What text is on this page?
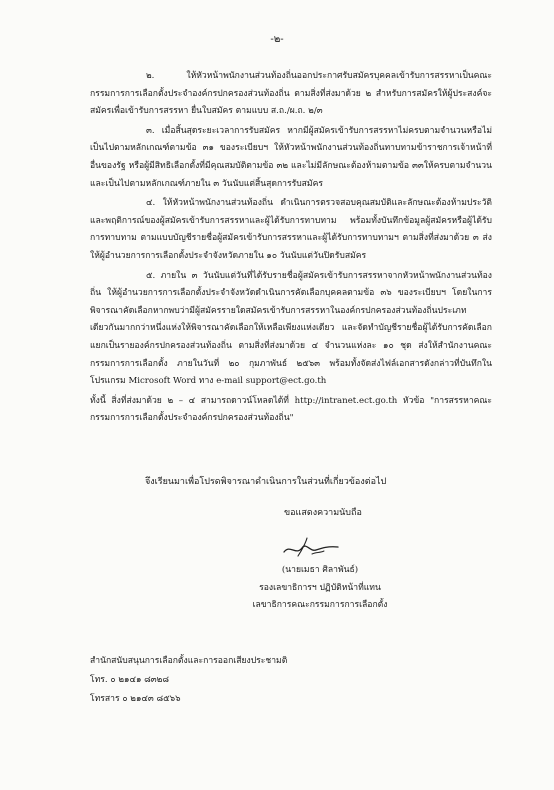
-๒-

๒. ให้หัวหน้าพนักงานส่วนท้องถิ่นออกประกาศรับสมัครบุคคลเข้ารับการสรรหาเป็นคณะกรรมการการเลือกตั้งประจำองค์กรปกครองส่วนท้องถิ่น ตามสิ่งที่ส่งมาด้วย ๒ สำหรับการสมัครให้ผู้ประสงค์จะสมัครเพื่อเข้ารับการสรรหา ยื่นใบสมัคร ตามแบบ ส.ถ./ผ.ถ. ๒/๓

๓. เมื่อสิ้นสุดระยะเวลาการรับสมัคร หากมีผู้สมัครเข้ารับการสรรหาไม่ครบตามจำนวนหรือไม่เป็นไปตามหลักเกณฑ์ตามข้อ ๓๑ ของระเบียบฯ ให้หัวหน้าพนักงานส่วนท้องถิ่นทาบทามข้าราชการเจ้าหน้าที่อื่นของรัฐ หรือผู้มีสิทธิเลือกตั้งที่มีคุณสมบัติตามข้อ ๓๒ และไม่มีลักษณะต้องห้ามตามข้อ ๓๓ให้ครบตามจำนวนและเป็นไปตามหลักเกณฑ์ภายใน ๓ วันนับแต่สิ้นสุดการรับสมัคร

๔. ให้หัวหน้าพนักงานส่วนท้องถิ่น ดำเนินการตรวจสอบคุณสมบัติและลักษณะต้องห้ามประวัติและพฤติการณ์ของผู้สมัครเข้ารับการสรรหาและผู้ได้รับการทาบทาม พร้อมทั้งบันทึกข้อมูลผู้สมัครหรือผู้ได้รับการทาบทาม ตามแบบบัญชีรายชื่อผู้สมัครเข้ารับการสรรหาและผู้ได้รับการทาบทามฯ ตามสิ่งที่ส่งมาด้วย ๓ ส่งให้ผู้อำนวยการการเลือกตั้งประจำจังหวัดภายใน ๑๐ วันนับแต่วันปิดรับสมัคร

๕. ภายใน ๓ วันนับแต่วันที่ได้รับรายชื่อผู้สมัครเข้ารับการสรรหาจากหัวหน้าพนักงานส่วนท้องถิ่น ให้ผู้อำนวยการการเลือกตั้งประจำจังหวัดดำเนินการคัดเลือกบุคคลตามข้อ ๓๖ ของระเบียบฯ โดยในการพิจารณาคัดเลือกหากพบว่ามีผู้สมัครรายใดสมัครเข้ารับการสรรหาในองค์กรปกครองส่วนท้องถิ่นประเภทเดียวกันมากกว่าหนึ่งแห่งให้พิจารณาคัดเลือกให้เหลือเพียงแห่งเดียว และจัดทำบัญชีรายชื่อผู้ได้รับการคัดเลือกแยกเป็นรายองค์กรปกครองส่วนท้องถิ่น ตามสิ่งที่ส่งมาด้วย ๔ จำนวนแห่งละ ๑๐ ชุด ส่งให้สำนักงานคณะกรรมการการเลือกตั้ง ภายในวันที่ ๒๐ กุมภาพันธ์ ๒๕๖๓ พร้อมทั้งจัดส่งไฟล์เอกสารดังกล่าวที่บันทึกในโปรแกรม Microsoft Word ทาง e-mail support@ect.go.th

ทั้งนี้ สิ่งที่ส่งมาด้วย ๒ – ๔ สามารถดาวน์โหลดได้ที่ http://intranet.ect.go.th หัวข้อ "การสรรหาคณะกรรมการการเลือกตั้งประจำองค์กรปกครองส่วนท้องถิ่น"

จึงเรียนมาเพื่อโปรดพิจารณาดำเนินการในส่วนที่เกี่ยวข้องต่อไป
ขอแสดงความนับถือ
(นายเมธา ศิลาพันธ์)
รองเลขาธิการฯ ปฏิบัติหน้าที่แทน
เลขาธิการคณะกรรมการการเลือกตั้ง
สำนักสนับสนุนการเลือกตั้งและการออกเสียงประชามติ
โทร. ๐ ๒๑๔๑ ๘๓๒๘
โทรสาร ๐ ๒๑๔๓ ๘๕๖๖
